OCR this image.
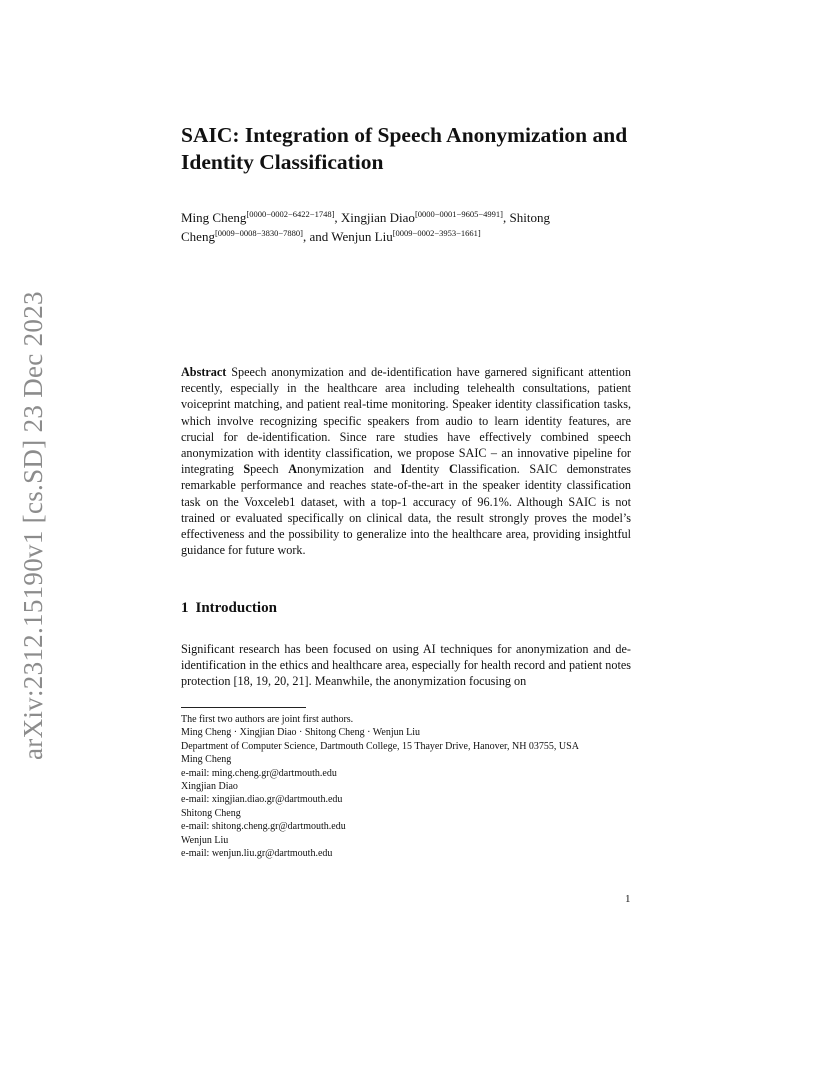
arXiv:2312.15190v1 [cs.SD] 23 Dec 2023
SAIC: Integration of Speech Anonymization and Identity Classification
Ming Cheng[0000−0002−6422−1748], Xingjian Diao[0000−0001−9605−4991], Shitong Cheng[0009−0008−3830−7880], and Wenjun Liu[0009−0002−3953−1661]

Abstract Speech anonymization and de-identification have garnered significant attention recently, especially in the healthcare area including telehealth consultations, patient voiceprint matching, and patient real-time monitoring. Speaker identity classification tasks, which involve recognizing specific speakers from audio to learn identity features, are crucial for de-identification. Since rare studies have effectively combined speech anonymization with identity classification, we propose SAIC – an innovative pipeline for integrating Speech Anonymization and Identity Classification. SAIC demonstrates remarkable performance and reaches state-of-the-art in the speaker identity classification task on the Voxceleb1 dataset, with a top-1 accuracy of 96.1%. Although SAIC is not trained or evaluated specifically on clinical data, the result strongly proves the model’s effectiveness and the possibility to generalize into the healthcare area, providing insightful guidance for future work.

1 Introduction

Significant research has been focused on using AI techniques for anonymization and de-identification in the ethics and healthcare area, especially for health record and patient notes protection [18, 19, 20, 21]. Meanwhile, the anonymization focusing on

The first two authors are joint first authors.
Ming Cheng · Xingjian Diao · Shitong Cheng · Wenjun Liu
Department of Computer Science, Dartmouth College, 15 Thayer Drive, Hanover, NH 03755, USA
Ming Cheng
e-mail: ming.cheng.gr@dartmouth.edu
Xingjian Diao
e-mail: xingjian.diao.gr@dartmouth.edu
Shitong Cheng
e-mail: shitong.cheng.gr@dartmouth.edu
Wenjun Liu
e-mail: wenjun.liu.gr@dartmouth.edu
1
